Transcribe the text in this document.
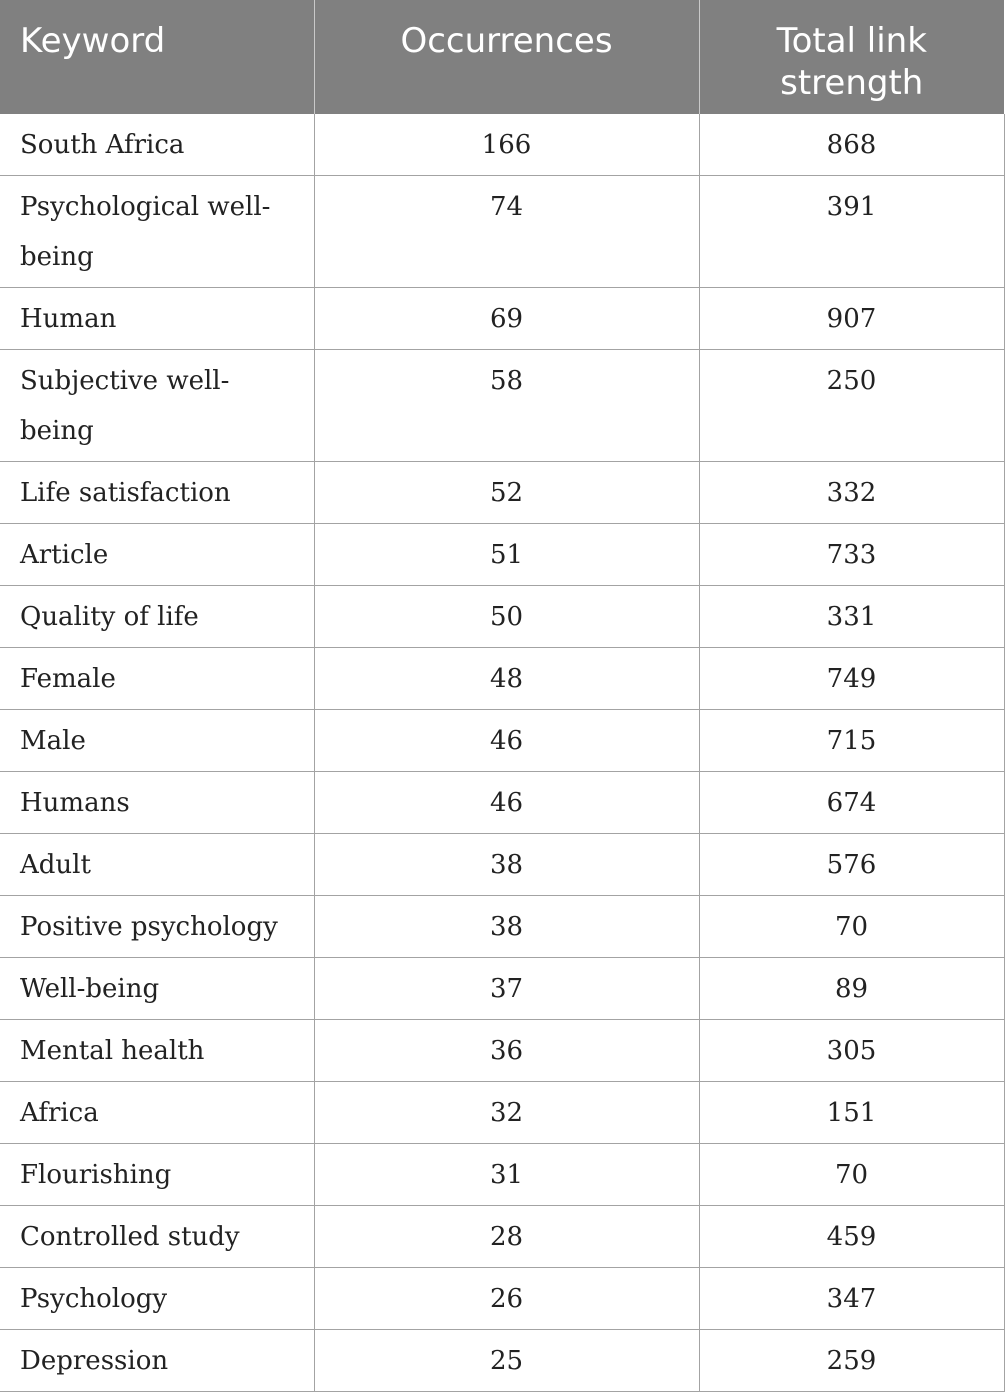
Keyword	Occurrences	Total link strength

South Africa	166	868
Psychological well-being	74	391
Human	69	907
Subjective well-being	58	250
Life satisfaction	52	332
Article	51	733
Quality of life	50	331
Female	48	749
Male	46	715
Humans	46	674
Adult	38	576
Positive psychology	38	70
Well-being	37	89
Mental health	36	305
Africa	32	151
Flourishing	31	70
Controlled study	28	459
Psychology	26	347
Depression	25	259
